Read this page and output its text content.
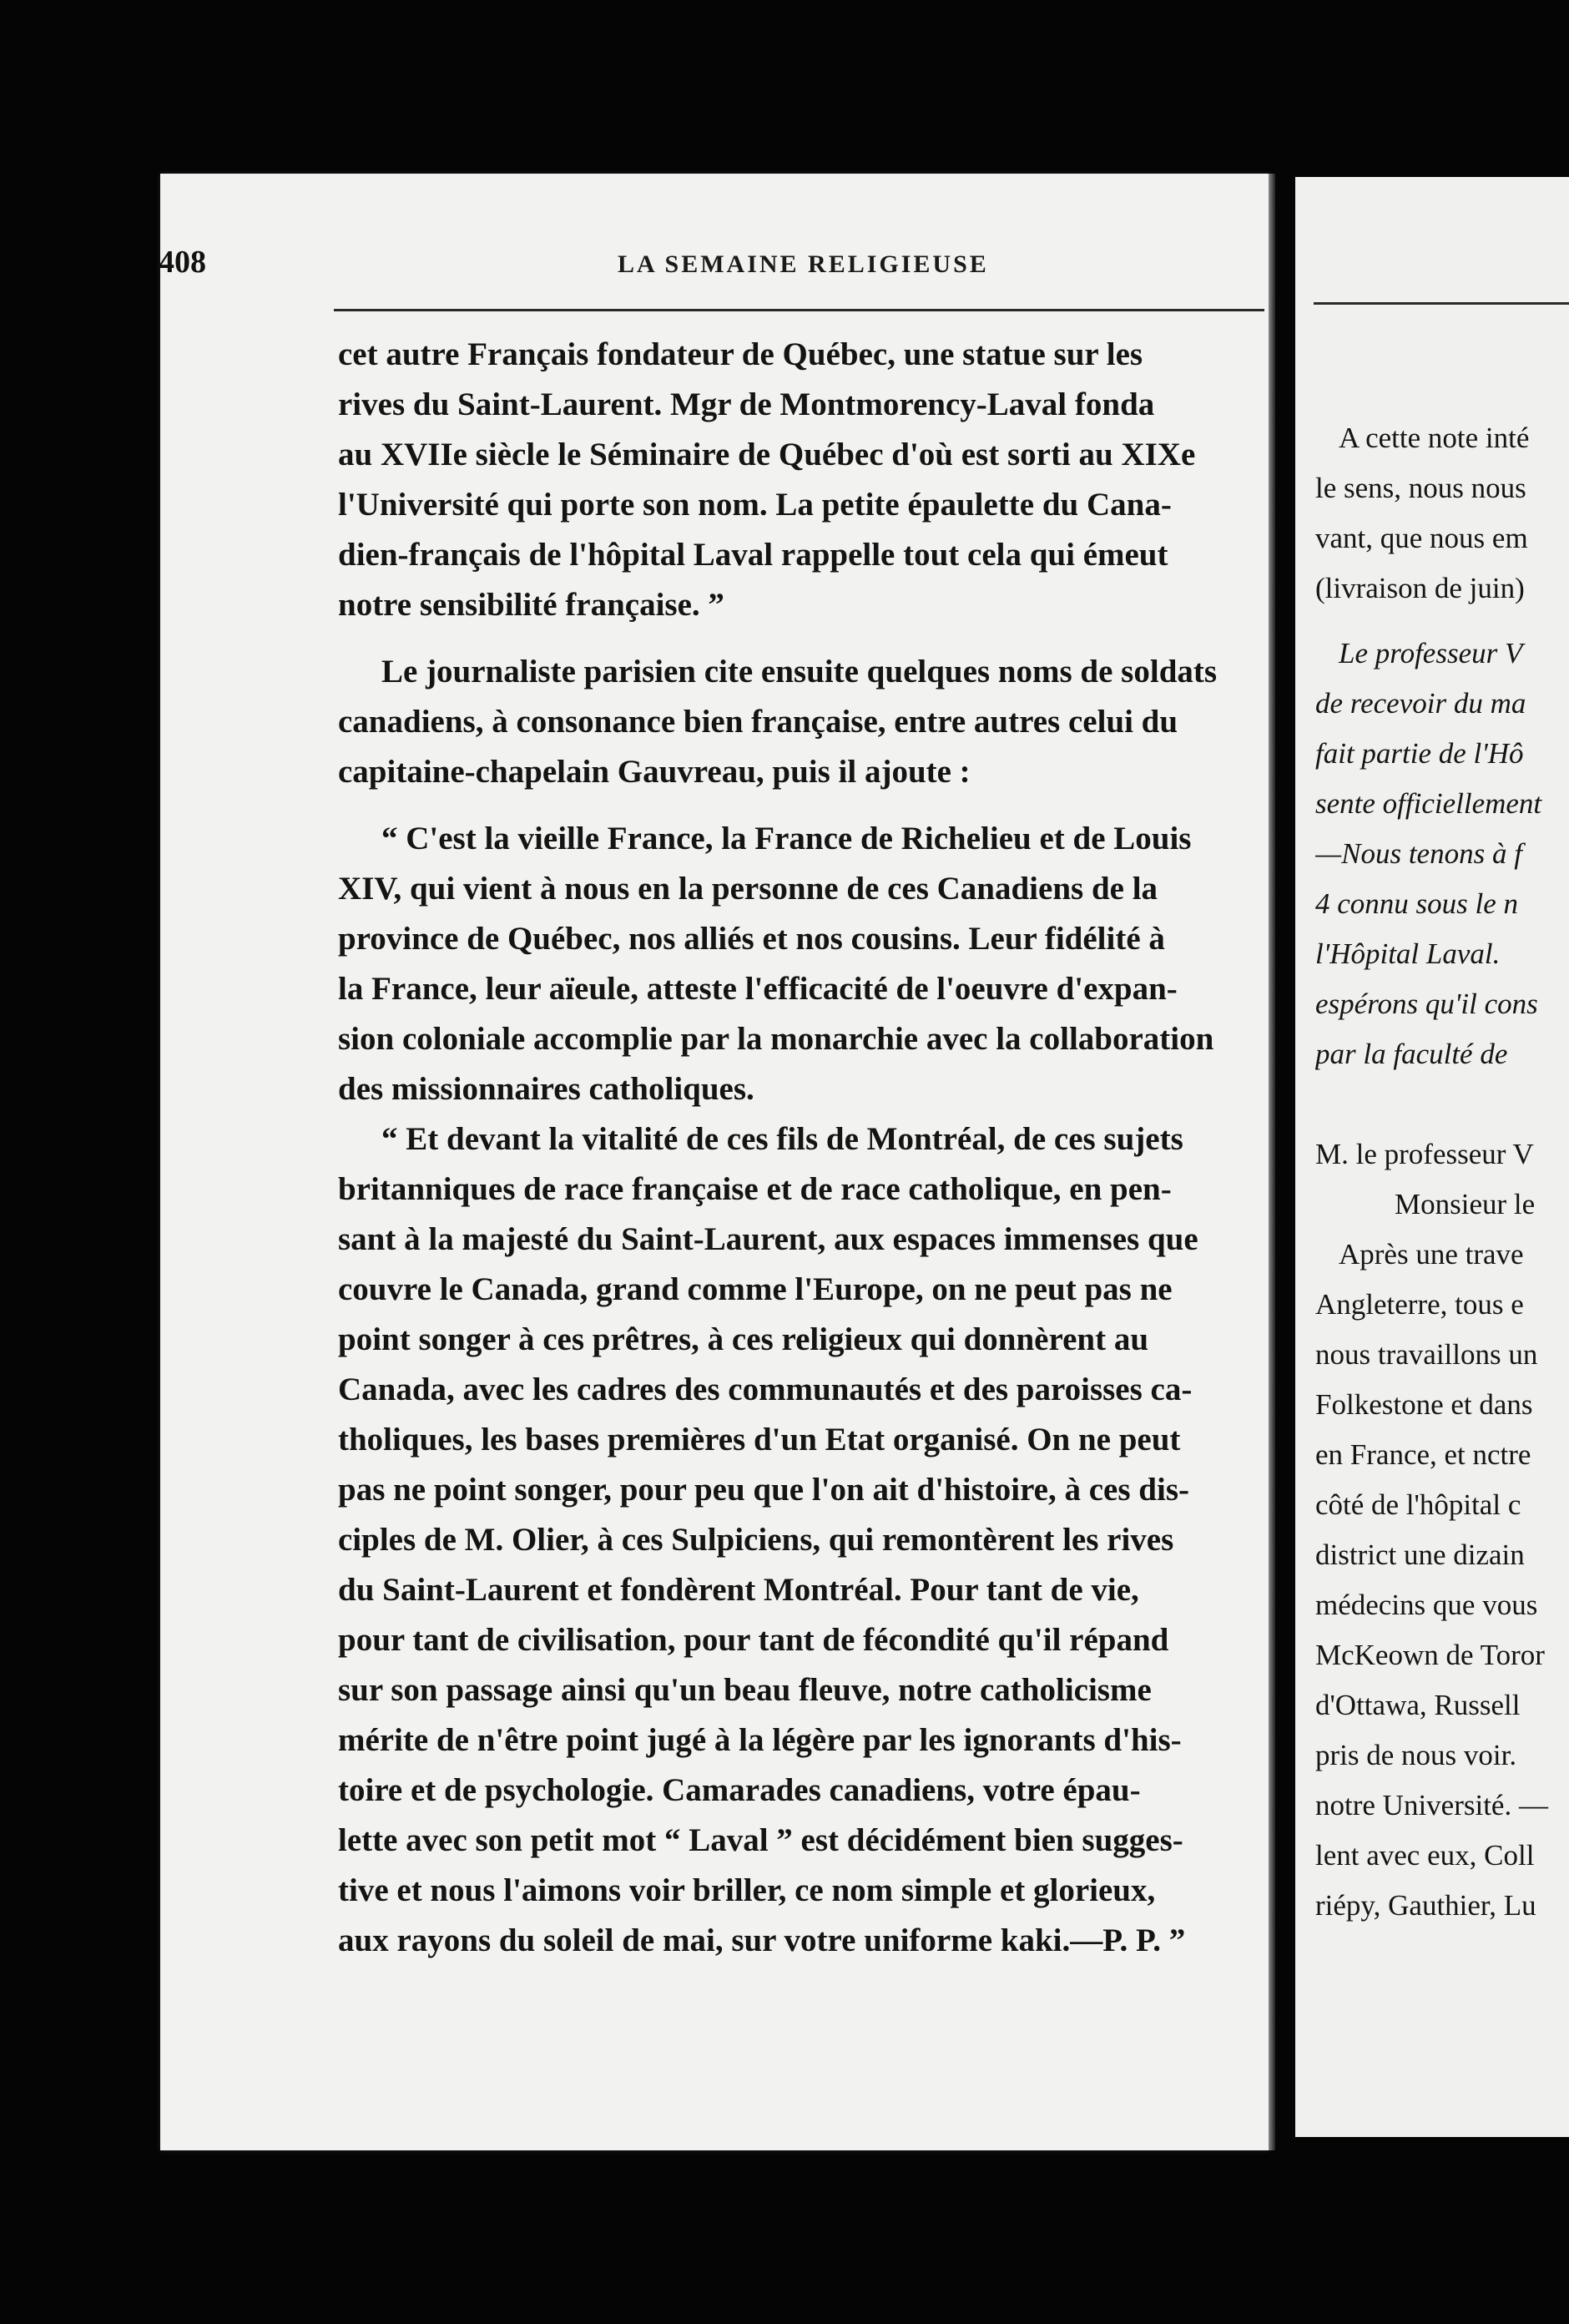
408	LA SEMAINE RELIGIEUSE

cet autre Français fondateur de Québec, une statue sur les

rives du Saint-Laurent. Mgr de Montmorency-Laval fonda

au XVIIe siècle le Séminaire de Québec d'où est sorti au XIXe

l'Université qui porte son nom. La petite épaulette du Cana-

dien-français de l'hôpital Laval rappelle tout cela qui émeut

notre sensibilité française. ”

Le journaliste parisien cite ensuite quelques noms de soldats

canadiens, à consonance bien française, entre autres celui du

capitaine-chapelain Gauvreau, puis il ajoute :

“ C'est la vieille France, la France de Richelieu et de Louis

XIV, qui vient à nous en la personne de ces Canadiens de la

province de Québec, nos alliés et nos cousins. Leur fidélité à

la France, leur aïeule, atteste l'efficacité de l'oeuvre d'expan-

sion coloniale accomplie par la monarchie avec la collaboration

des missionnaires catholiques.

“ Et devant la vitalité de ces fils de Montréal, de ces sujets

britanniques de race française et de race catholique, en pen-

sant à la majesté du Saint-Laurent, aux espaces immenses que

couvre le Canada, grand comme l'Europe, on ne peut pas ne

point songer à ces prêtres, à ces religieux qui donnèrent au

Canada, avec les cadres des communautés et des paroisses ca-

tholiques, les bases premières d'un Etat organisé. On ne peut

pas ne point songer, pour peu que l'on ait d'histoire, à ces dis-

ciples de M. Olier, à ces Sulpiciens, qui remontèrent les rives

du Saint-Laurent et fondèrent Montréal. Pour tant de vie,

pour tant de civilisation, pour tant de fécondité qu'il répand

sur son passage ainsi qu'un beau fleuve, notre catholicisme

mérite de n'être point jugé à la légère par les ignorants d'his-

toire et de psychologie. Camarades canadiens, votre épau-

lette avec son petit mot “ Laval ” est décidément bien sugges-

tive et nous l'aimons voir briller, ce nom simple et glorieux,

aux rayons du soleil de mai, sur votre uniforme kaki.—P. P. ”

A cette note inté
le sens, nous nous
vant, que nous em
(livraison de juin)
Le professeur V
de recevoir du ma
fait partie de l'Hô
sente officiellement
—Nous tenons à f
4 connu sous le n
l'Hôpital Laval.
espérons qu'il cons
par la faculté de
M. le professeur V
Monsieur le
Après une trave
Angleterre, tous e
nous travaillons un
Folkestone et dans
en France, et nctre
côté de l'hôpital c
district une dizain
médecins que vous
McKeown de Toror
d'Ottawa, Russell
pris de nous voir.
notre Université. —
lent avec eux, Coll
riépy, Gauthier, Lu
